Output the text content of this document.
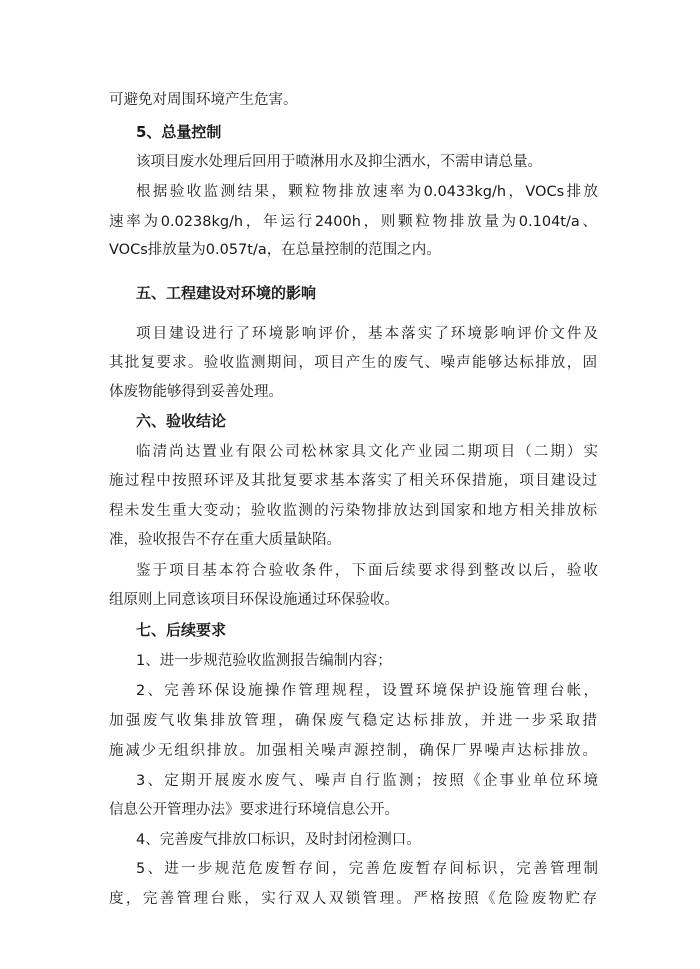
可避免对周围环境产生危害。
5、总量控制
该项目废水处理后回用于喷淋用水及抑尘洒水，不需申请总量。
根据验收监测结果，颗粒物排放速率为0.0433kg/h，VOCs排放
速率为0.0238kg/h，年运行2400h，则颗粒物排放量为0.104t/a、
VOCs排放量为0.057t/a，在总量控制的范围之内。
五、工程建设对环境的影响
项目建设进行了环境影响评价，基本落实了环境影响评价文件及
其批复要求。验收监测期间，项目产生的废气、噪声能够达标排放，固
体废物能够得到妥善处理。
六、验收结论
临清尚达置业有限公司松林家具文化产业园二期项目（二期）实
施过程中按照环评及其批复要求基本落实了相关环保措施，项目建设过
程未发生重大变动；验收监测的污染物排放达到国家和地方相关排放标
准，验收报告不存在重大质量缺陷。
鉴于项目基本符合验收条件，下面后续要求得到整改以后，验收
组原则上同意该项目环保设施通过环保验收。
七、后续要求
1、进一步规范验收监测报告编制内容；
2、完善环保设施操作管理规程，设置环境保护设施管理台帐，
加强废气收集排放管理，确保废气稳定达标排放，并进一步采取措
施减少无组织排放。加强相关噪声源控制，确保厂界噪声达标排放。
3、定期开展废水废气、噪声自行监测；按照《企事业单位环境
信息公开管理办法》要求进行环境信息公开。
4、完善废气排放口标识，及时封闭检测口。
5、进一步规范危废暂存间，完善危废暂存间标识，完善管理制
度，完善管理台账，实行双人双锁管理。严格按照《危险废物贮存
